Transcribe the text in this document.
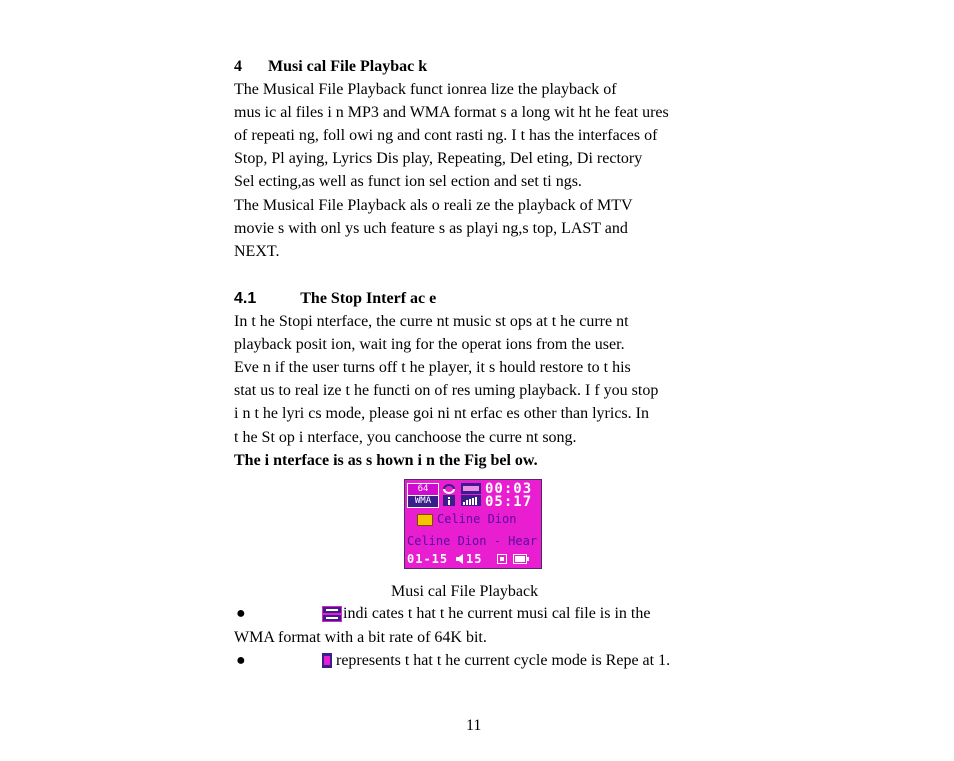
4 Musi cal File Playbac k
The Musical File Playback funct ionrea lize the playback of
mus ic al files i n MP3 and WMA format s a long wit ht he feat ures
of repeati ng, foll owi ng and cont rasti ng. I t has the interfaces of
Stop, Pl aying, Lyrics Dis play, Repeating, Del eting, Di rectory
Sel ecting,as well as funct ion sel ection and set ti ngs.
The Musical File Playback als o reali ze the playback of MTV
movie s with onl ys uch feature s as playi ng,s top, LAST and
NEXT.
4.1	The Stop Interf ac e
In t he Stopi nterface, the curre nt music st ops at t he curre nt
playback posit ion, wait ing for the operat ions from the user.
Eve n if the user turns off t he player, it s hould restore to t his
stat us to real ize t he functi on of res uming playback. I f you stop
i n t he lyri cs mode, please goi ni nt erfac es other than lyrics. In
t he St op i nterface, you canchoose the curre nt song.
The i nterface is as s hown i n the Fig bel ow.
64
WMA
00:03
05:17
Celine Dion
Celine Dion - Hear
01-15 15
Musi cal File Playback
●	indi cates t hat t he current musi cal file is in the
WMA format with a bit rate of 64K bit.
●	represents t hat t he current cycle mode is Repe at 1.
11
